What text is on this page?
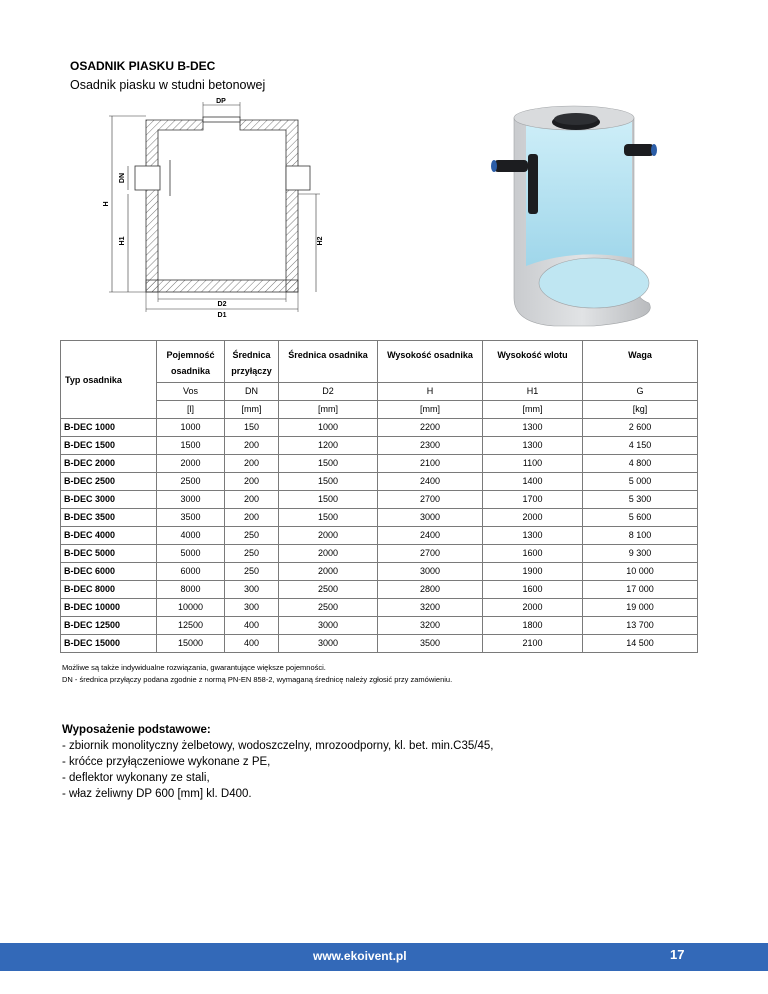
OSADNIK PIASKU B-DEC
Osadnik piasku w studni betonowej
DP
H
DN
H1	H2
D2
D1
Typ osadnika	Pojemność osadnika	Średnica przyłączy	Średnica osadnika	Wysokość osadnika	Wysokość wlotu	Waga
	Vos	DN	D2	H	H1	G
	[l]	[mm]	[mm]	[mm]	[mm]	[kg]
B-DEC 1000	1000	150	1000	2200	1300	2 600
B-DEC 1500	1500	200	1200	2300	1300	4 150
B-DEC 2000	2000	200	1500	2100	1100	4 800
B-DEC 2500	2500	200	1500	2400	1400	5 000
B-DEC 3000	3000	200	1500	2700	1700	5 300
B-DEC 3500	3500	200	1500	3000	2000	5 600
B-DEC 4000	4000	250	2000	2400	1300	8 100
B-DEC 5000	5000	250	2000	2700	1600	9 300
B-DEC 6000	6000	250	2000	3000	1900	10 000
B-DEC 8000	8000	300	2500	2800	1600	17 000
B-DEC 10000	10000	300	2500	3200	2000	19 000
B-DEC 12500	12500	400	3000	3200	1800	13 700
B-DEC 15000	15000	400	3000	3500	2100	14 500
Możliwe są także indywidualne rozwiązania, gwarantujące większe pojemności.
DN - średnica przyłączy podana zgodnie z normą PN-EN 858-2, wymaganą średnicę należy zgłosić przy zamówieniu.
Wyposażenie podstawowe:
- zbiornik monolityczny żelbetowy, wodoszczelny, mrozoodporny, kl. bet. min.C35/45,
- króćce przyłączeniowe wykonane z PE,
- deflektor wykonany ze stali,
- właz żeliwny DP 600 [mm] kl. D400.
www.ekoivent.pl	17
